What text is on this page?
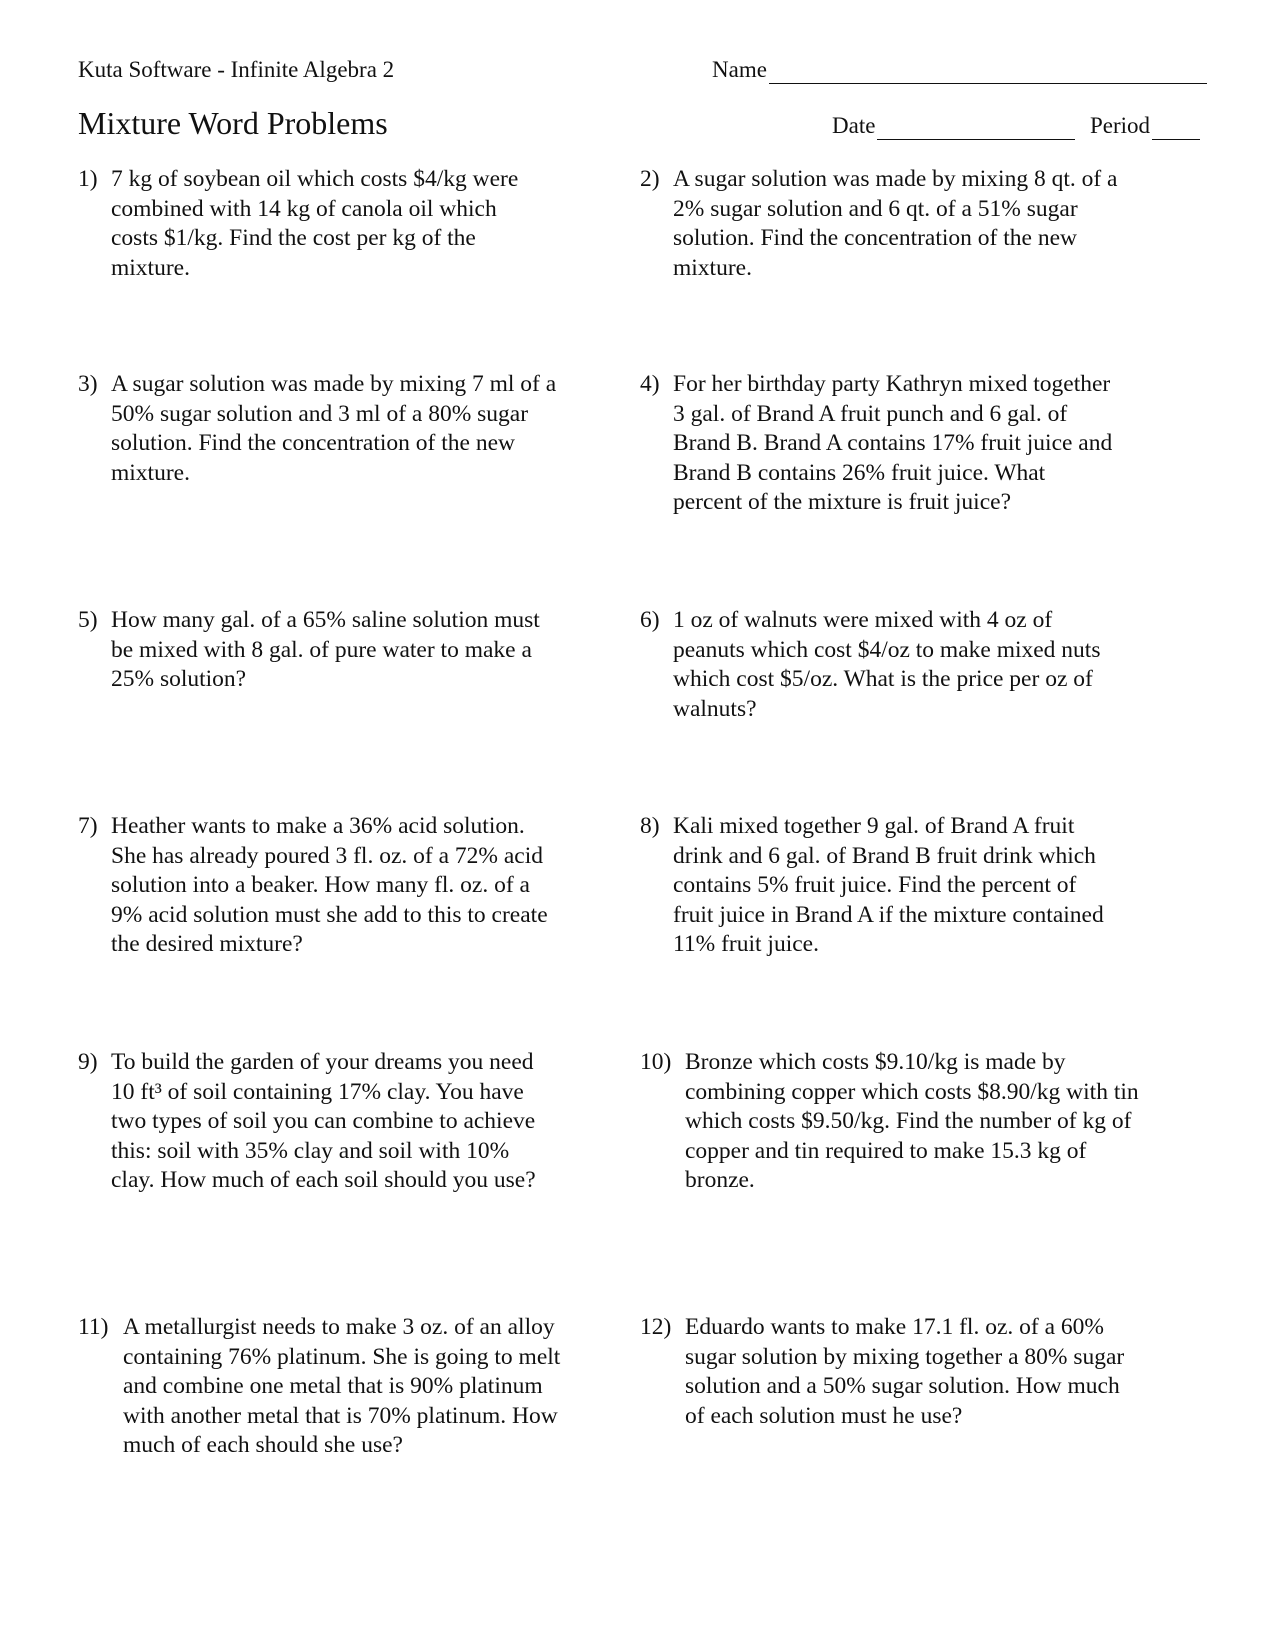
Kuta Software - Infinite Algebra 2
Mixture Word Problems
Name
Date	Period
1) 7 kg of soybean oil which costs $4/kg were combined with 14 kg of canola oil which costs $1/kg. Find the cost per kg of the mixture.
2) A sugar solution was made by mixing 8 qt. of a 2% sugar solution and 6 qt. of a 51% sugar solution. Find the concentration of the new mixture.
3) A sugar solution was made by mixing 7 ml of a 50% sugar solution and 3 ml of a 80% sugar solution. Find the concentration of the new mixture.
4) For her birthday party Kathryn mixed together 3 gal. of Brand A fruit punch and 6 gal. of Brand B. Brand A contains 17% fruit juice and Brand B contains 26% fruit juice. What percent of the mixture is fruit juice?
5) How many gal. of a 65% saline solution must be mixed with 8 gal. of pure water to make a 25% solution?
6) 1 oz of walnuts were mixed with 4 oz of peanuts which cost $4/oz to make mixed nuts which cost $5/oz. What is the price per oz of walnuts?
7) Heather wants to make a 36% acid solution. She has already poured 3 fl. oz. of a 72% acid solution into a beaker. How many fl. oz. of a 9% acid solution must she add to this to create the desired mixture?
8) Kali mixed together 9 gal. of Brand A fruit drink and 6 gal. of Brand B fruit drink which contains 5% fruit juice. Find the percent of fruit juice in Brand A if the mixture contained 11% fruit juice.
9) To build the garden of your dreams you need 10 ft³ of soil containing 17% clay. You have two types of soil you can combine to achieve this: soil with 35% clay and soil with 10% clay. How much of each soil should you use?
10) Bronze which costs $9.10/kg is made by combining copper which costs $8.90/kg with tin which costs $9.50/kg. Find the number of kg of copper and tin required to make 15.3 kg of bronze.
11) A metallurgist needs to make 3 oz. of an alloy containing 76% platinum. She is going to melt and combine one metal that is 90% platinum with another metal that is 70% platinum. How much of each should she use?
12) Eduardo wants to make 17.1 fl. oz. of a 60% sugar solution by mixing together a 80% sugar solution and a 50% sugar solution. How much of each solution must he use?
